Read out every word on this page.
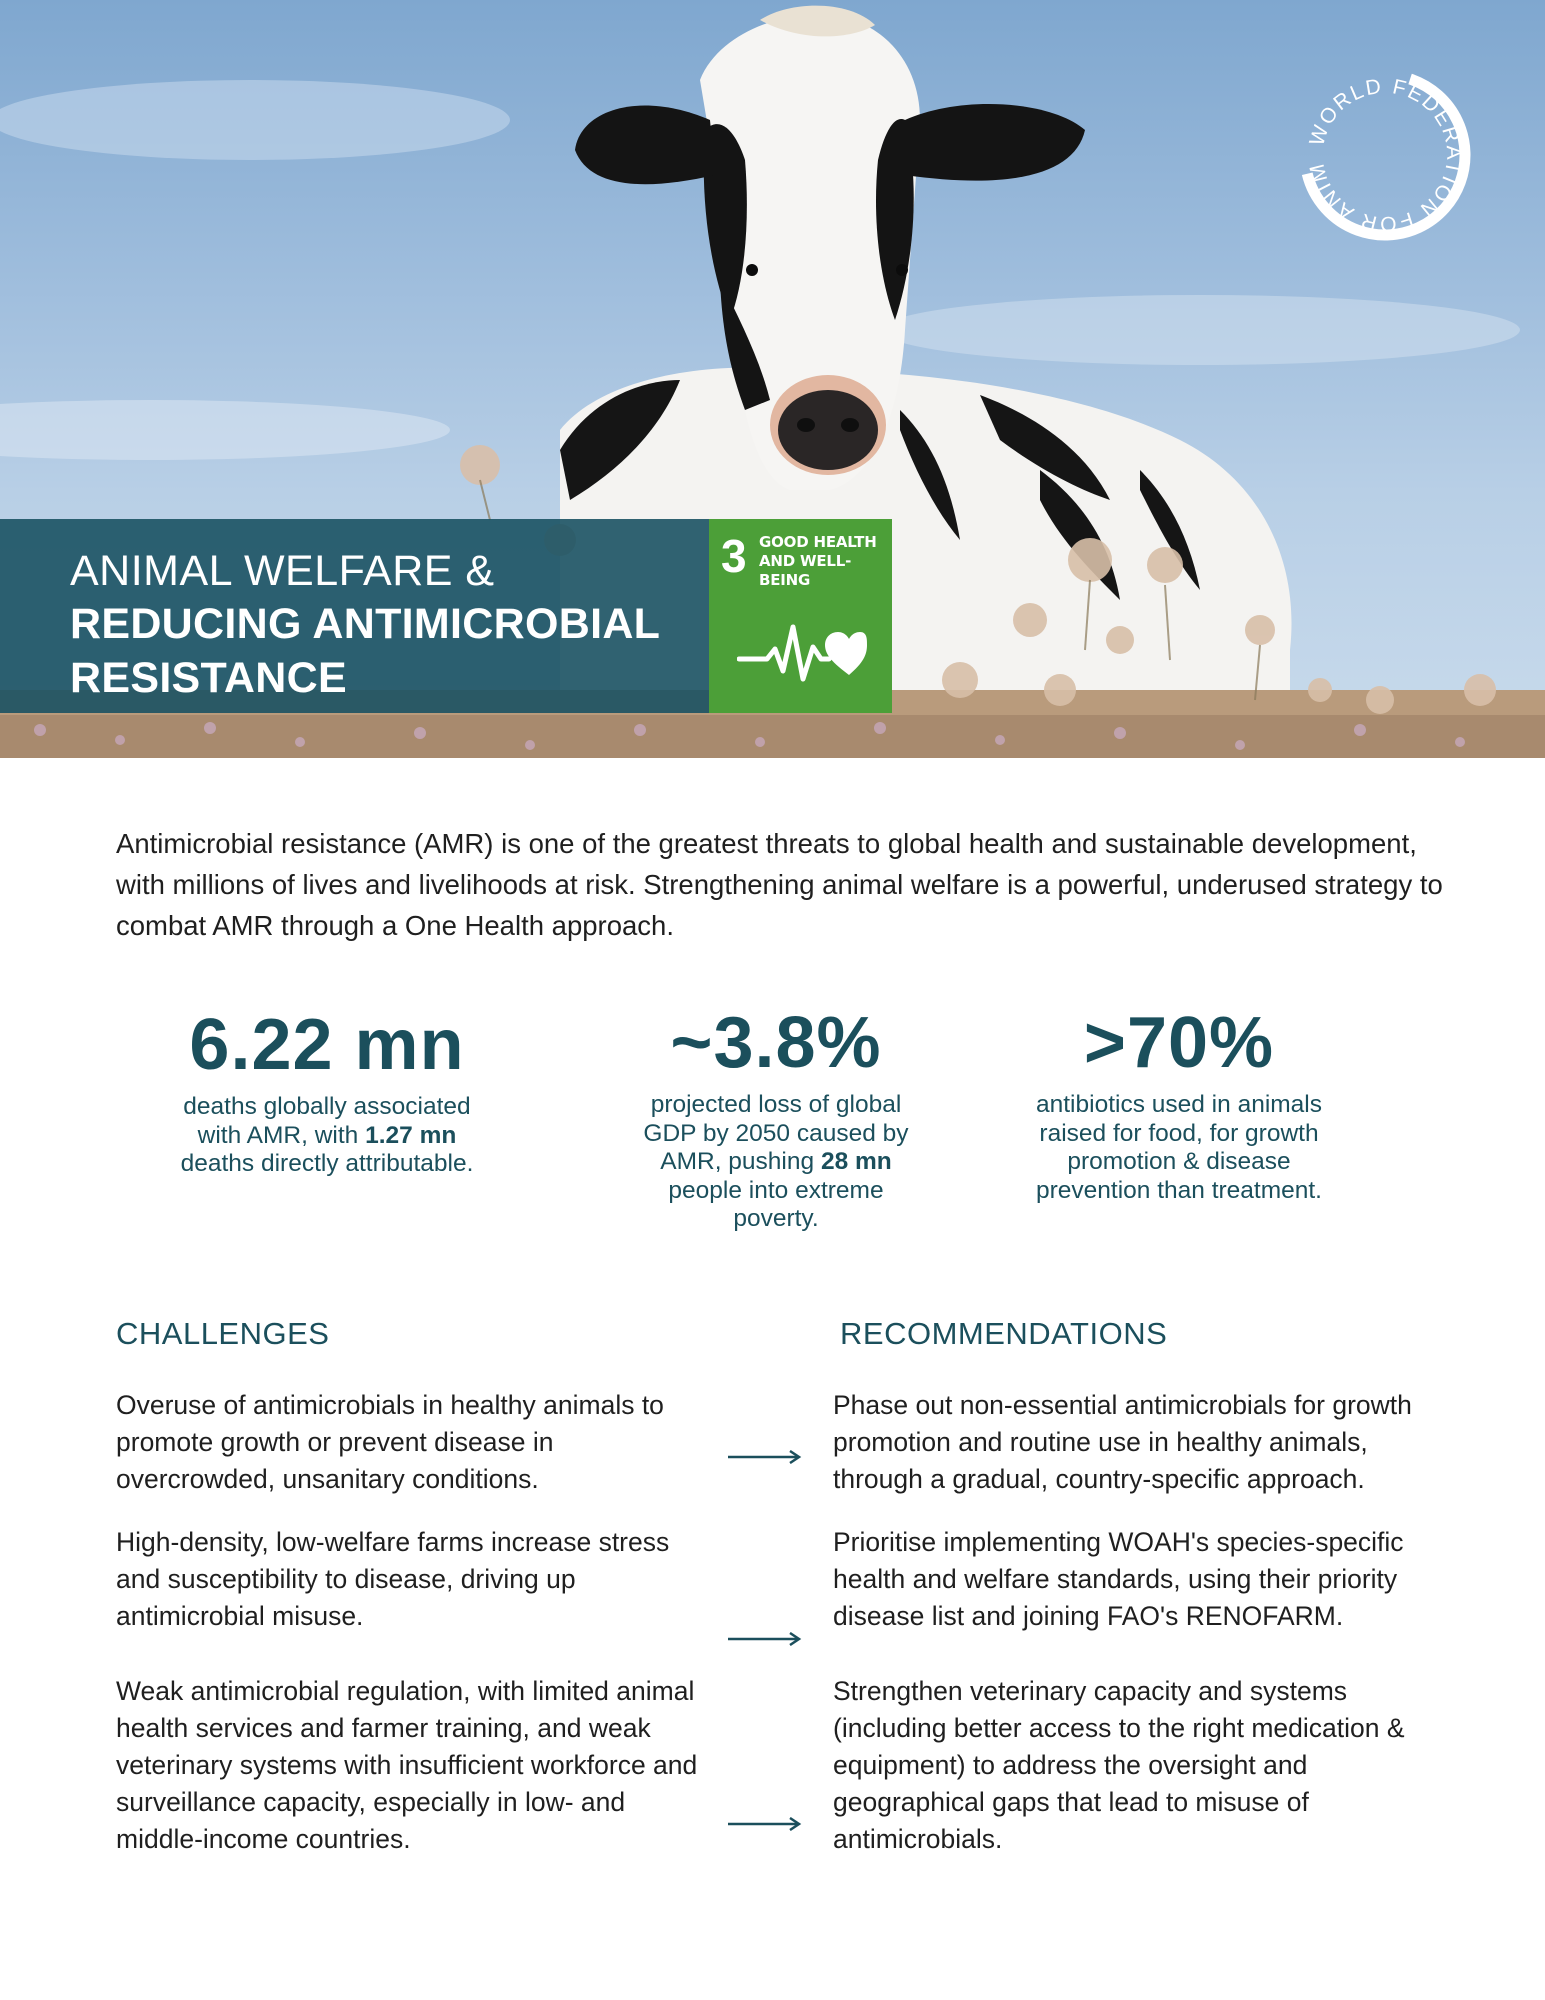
WORLD FEDERATION FOR ANIM
ANIMAL WELFARE &
REDUCING ANTIMICROBIAL RESISTANCE
3 GOOD HEALTH AND WELL-BEING

Antimicrobial resistance (AMR) is one of the greatest threats to global health and sustainable development, with millions of lives and livelihoods at risk. Strengthening animal welfare is a powerful, underused strategy to combat AMR through a One Health approach.

6.22 mn
deaths globally associated with AMR, with 1.27 mn deaths directly attributable.
~3.8%
projected loss of global GDP by 2050 caused by AMR, pushing 28 mn people into extreme poverty.
>70%
antibiotics used in animals raised for food, for growth promotion & disease prevention than treatment.
CHALLENGES	RECOMMENDATIONS
Overuse of antimicrobials in healthy animals to promote growth or prevent disease in overcrowded, unsanitary conditions.
High-density, low-welfare farms increase stress and susceptibility to disease, driving up antimicrobial misuse.
Weak antimicrobial regulation, with limited animal health services and farmer training, and weak veterinary systems with insufficient workforce and surveillance capacity, especially in low- and middle-income countries.
Phase out non-essential antimicrobials for growth promotion and routine use in healthy animals, through a gradual, country-specific approach.
Prioritise implementing WOAH's species-specific health and welfare standards, using their priority disease list and joining FAO's RENOFARM.
Strengthen veterinary capacity and systems (including better access to the right medication & equipment) to address the oversight and geographical gaps that lead to misuse of antimicrobials.
